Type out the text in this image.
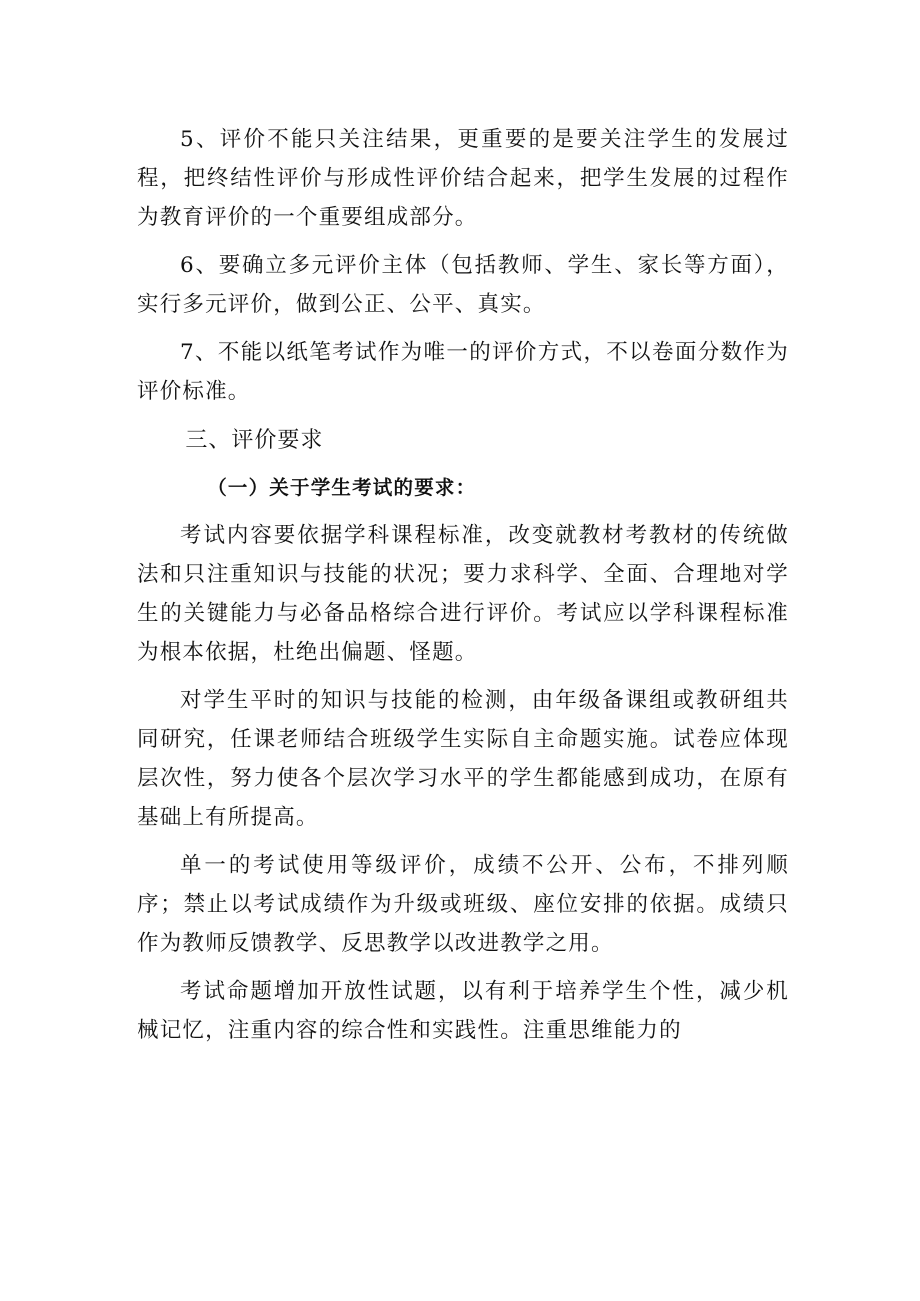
5、评价不能只关注结果，更重要的是要关注学生的发展过程，把终结性评价与形成性评价结合起来，把学生发展的过程作为教育评价的一个重要组成部分。

6、要确立多元评价主体（包括教师、学生、家长等方面），实行多元评价，做到公正、公平、真实。

7、不能以纸笔考试作为唯一的评价方式，不以卷面分数作为评价标准。

三、评价要求
（一）关于学生考试的要求：

考试内容要依据学科课程标准，改变就教材考教材的传统做法和只注重知识与技能的状况；要力求科学、全面、合理地对学生的关键能力与必备品格综合进行评价。考试应以学科课程标准为根本依据，杜绝出偏题、怪题。

对学生平时的知识与技能的检测，由年级备课组或教研组共同研究，任课老师结合班级学生实际自主命题实施。试卷应体现层次性，努力使各个层次学习水平的学生都能感到成功，在原有基础上有所提高。

单一的考试使用等级评价，成绩不公开、公布，不排列顺序；禁止以考试成绩作为升级或班级、座位安排的依据。成绩只作为教师反馈教学、反思教学以改进教学之用。

考试命题增加开放性试题，以有利于培养学生个性，减少机械记忆，注重内容的综合性和实践性。注重思维能力的
